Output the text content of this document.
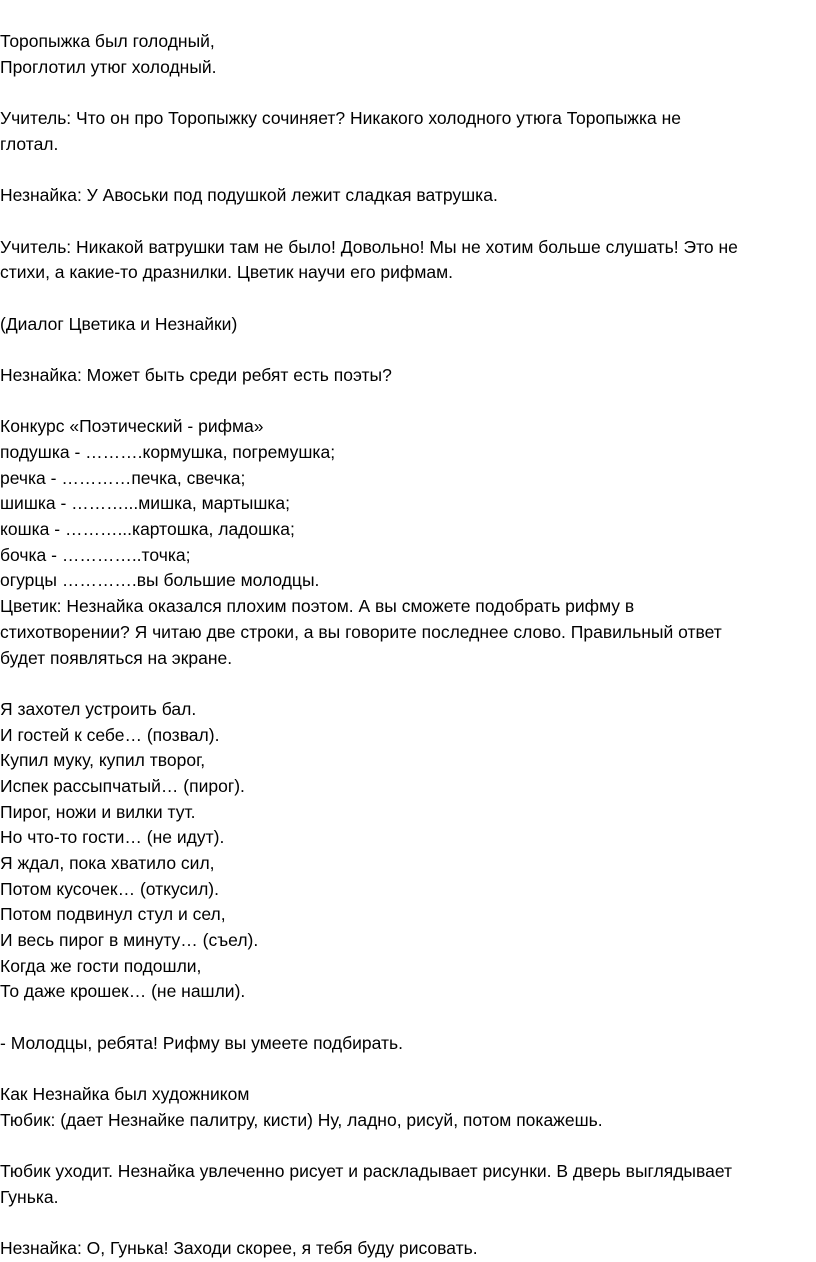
Торопыжка был голодный,
Проглотил утюг холодный.
Учитель: Что он про Торопыжку сочиняет? Никакого холодного утюга Торопыжка не
глотал.
Незнайка: У Авоськи под подушкой лежит сладкая ватрушка.
Учитель: Никакой ватрушки там не было! Довольно! Мы не хотим больше слушать! Это не
стихи, а какие-то дразнилки. Цветик научи его рифмам.
(Диалог Цветика и Незнайки)
Незнайка: Может быть среди ребят есть поэты?
Конкурс «Поэтический - рифма»
подушка - ……….кормушка, погремушка;
речка - …………печка, свечка;
шишка - ………...мишка, мартышка;
кошка - ………...картошка, ладошка;
бочка - …………..точка;
огурцы ………….вы большие молодцы.
Цветик: Незнайка оказался плохим поэтом. А вы сможете подобрать рифму в
стихотворении? Я читаю две строки, а вы говорите последнее слово. Правильный ответ
будет появляться на экране.
Я захотел устроить бал.
И гостей к себе… (позвал).
Купил муку, купил творог,
Испек рассыпчатый… (пирог).
Пирог, ножи и вилки тут.
Но что-то гости… (не идут).
Я ждал, пока хватило сил,
Потом кусочек… (откусил).
Потом подвинул стул и сел,
И весь пирог в минуту… (съел).
Когда же гости подошли,
То даже крошек… (не нашли).
- Молодцы, ребята! Рифму вы умеете подбирать.
Как Незнайка был художником
Тюбик: (дает Незнайке палитру, кисти) Ну, ладно, рисуй, потом покажешь.
Тюбик уходит. Незнайка увлеченно рисует и раскладывает рисунки. В дверь выглядывает
Гунька.
Незнайка: О, Гунька! Заходи скорее, я тебя буду рисовать.
